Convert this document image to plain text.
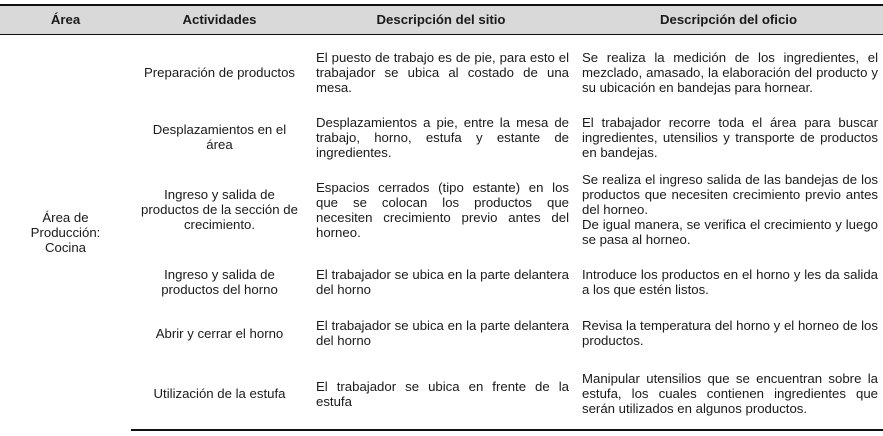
Área	Actividades	Descripción del sitio	Descripción del oficio

Área de
Producción:
Cocina	Preparación de productos	El puesto de trabajo es de pie, para esto el trabajador se ubica al costado de una mesa.	Se realiza la medición de los ingredientes, el mezclado, amasado, la elaboración del producto y su ubicación en bandejas para hornear.
	Desplazamientos en el área	Desplazamientos a pie, entre la mesa de trabajo, horno, estufa y estante de ingredientes.	El trabajador recorre toda el área para buscar ingredientes, utensilios y transporte de productos en bandejas.
	Ingreso y salida de productos de la sección de crecimiento.	Espacios cerrados (tipo estante) en los que se colocan los productos que necesiten crecimiento previo antes del horneo.	Se realiza el ingreso salida de las bandejas de los productos que necesiten crecimiento previo antes del horneo.
De igual manera, se verifica el crecimiento y luego se pasa al horneo.

	Ingreso y salida de productos del horno	El trabajador se ubica en la parte delantera del horno	Introduce los productos en el horno y les da salida a los que estén listos.
	Abrir y cerrar el horno	El trabajador se ubica en la parte delantera del horno	Revisa la temperatura del horno y el horneo de los productos.
	Utilización de la estufa	El trabajador se ubica en frente de la estufa	Manipular utensilios que se encuentran sobre la estufa, los cuales contienen ingredientes que serán utilizados en algunos productos.
